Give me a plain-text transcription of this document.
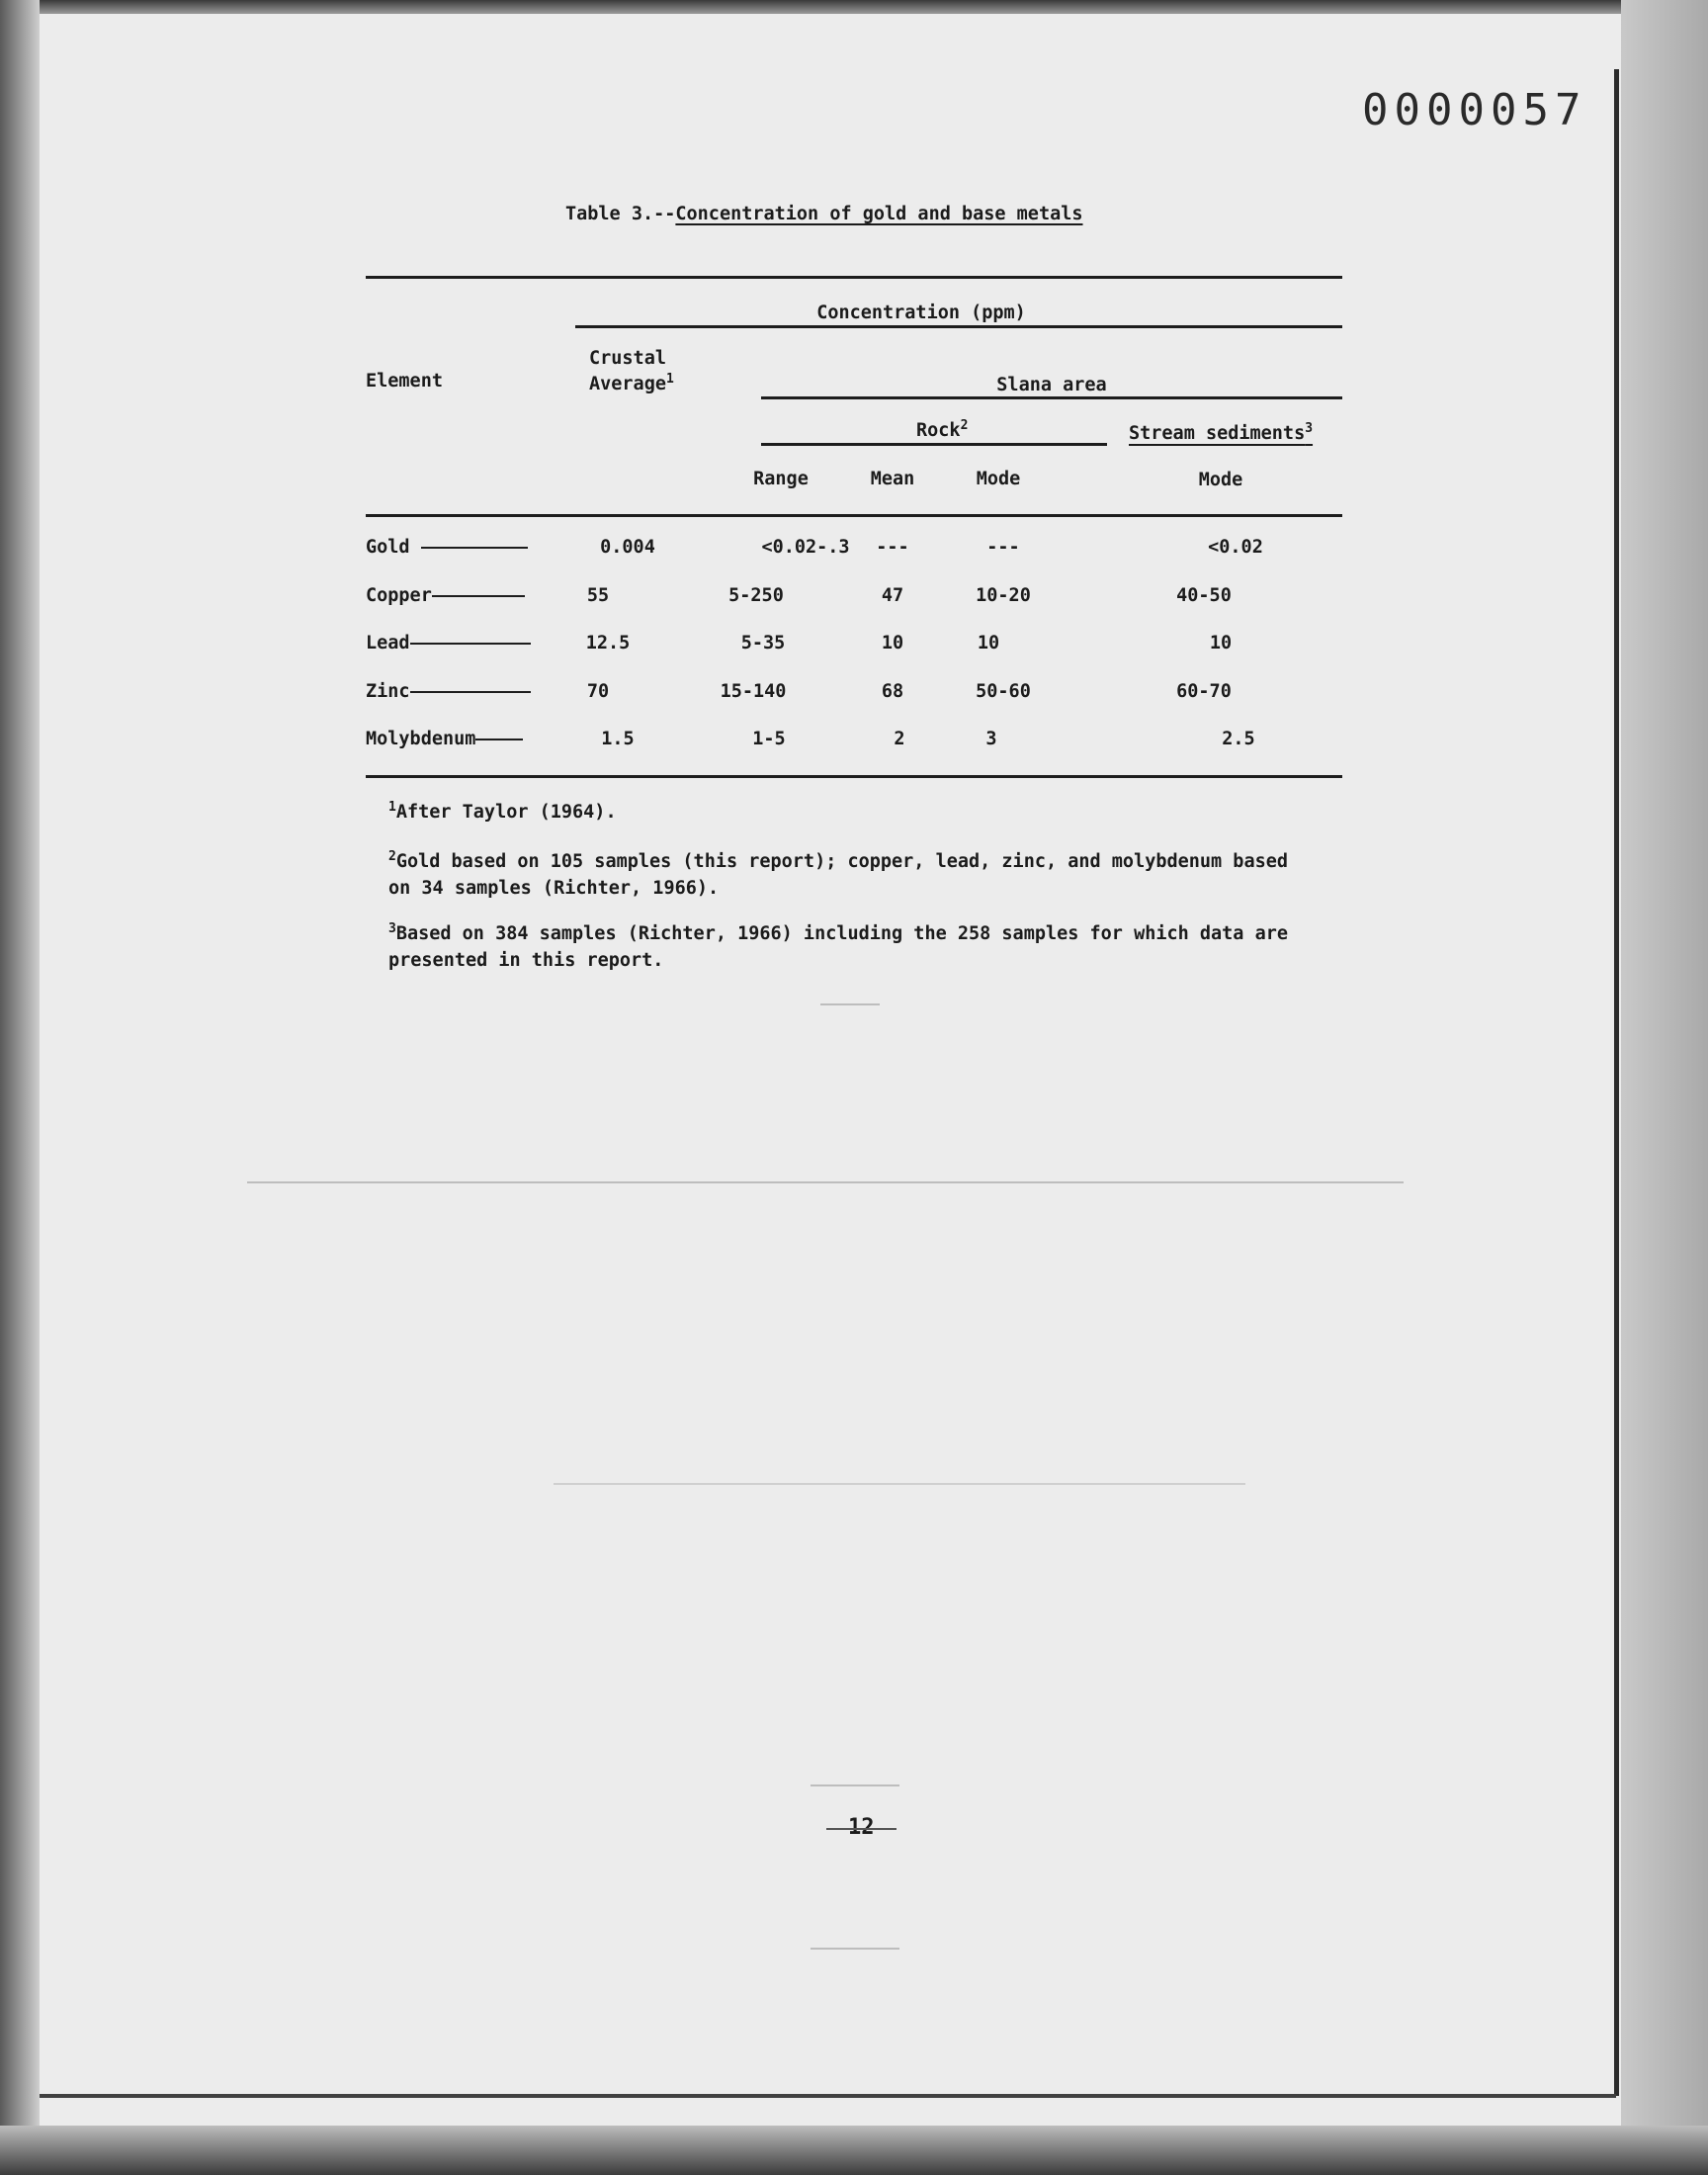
0000057
Table 3.--Concentration of gold and base metals
Concentration (ppm)
Element
Crustal
Average$^1$	Slana area
Rock$^2$	Stream sediments$^3$
Range	Mean	Mode	Mode
Gold	0.004	<0.02-.3	---	---	<0.02
Copper	55	5-250	47	10-20	40-50
Lead	12.5	5-35	10	10	10
Zinc	70	15-140	68	50-60	60-70
Molybdenum	1.5	1-5	2	3	2.5
$^1$After Taylor (1964).
$^2$Gold based on 105 samples (this report); copper, lead, zinc, and molybdenum based on 34 samples (Richter, 1966).
$^3$Based on 384 samples (Richter, 1966) including the 258 samples for which data are presented in this report.
12
